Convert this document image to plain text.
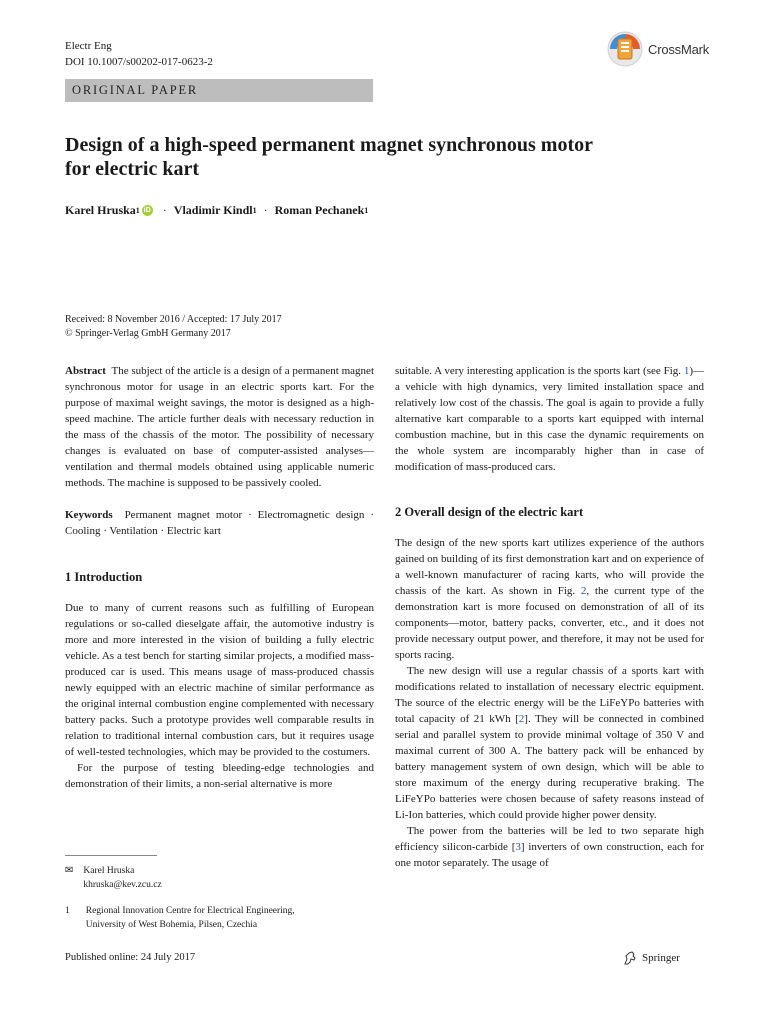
Electr Eng
DOI 10.1007/s00202-017-0623-2
CrossMark
ORIGINAL PAPER
Design of a high-speed permanent magnet synchronous motor
for electric kart
Karel Hruska 1 iD · Vladimir Kindl 1 · Roman Pechanek 1
Received: 8 November 2016 / Accepted: 17 July 2017
© Springer-Verlag GmbH Germany 2017

Abstract The subject of the article is a design of a permanent magnet synchronous motor for usage in an electric sports kart. For the purpose of maximal weight savings, the motor is designed as a high-speed machine. The article further deals with necessary reduction in the mass of the chassis of the motor. The possibility of necessary changes is evaluated on base of computer-assisted analyses—ventilation and thermal models obtained using applicable numeric methods. The machine is supposed to be passively cooled.

Keywords Permanent magnet motor · Electromagnetic design · Cooling · Ventilation · Electric kart

1 Introduction

Due to many of current reasons such as fulfilling of European regulations or so-called dieselgate affair, the automotive industry is more and more interested in the vision of building a fully electric vehicle. As a test bench for starting similar projects, a modified mass-produced car is used. This means usage of mass-produced chassis newly equipped with an electric machine of similar performance as the original internal combustion engine complemented with necessary battery packs. Such a prototype provides well comparable results in relation to traditional internal combustion cars, but it requires usage of well-tested technologies, which may be provided to the costumers.

For the purpose of testing bleeding-edge technologies and demonstration of their limits, a non-serial alternative is more

suitable. A very interesting application is the sports kart (see Fig. 1)—a vehicle with high dynamics, very limited installation space and relatively low cost of the chassis. The goal is again to provide a fully alternative kart comparable to a sports kart equipped with internal combustion machine, but in this case the dynamic requirements on the whole system are incomparably higher than in case of modification of mass-produced cars.

2 Overall design of the electric kart

The design of the new sports kart utilizes experience of the authors gained on building of its first demonstration kart and on experience of a well-known manufacturer of racing karts, who will provide the chassis of the kart. As shown in Fig. 2, the current type of the demonstration kart is more focused on demonstration of all of its components—motor, battery packs, converter, etc., and it does not provide necessary output power, and therefore, it may not be used for sports racing.

The new design will use a regular chassis of a sports kart with modifications related to installation of necessary electric equipment. The source of the electric energy will be the LiFeYPo batteries with total capacity of 21 kWh [2]. They will be connected in combined serial and parallel system to provide minimal voltage of 350 V and maximal current of 300 A. The battery pack will be enhanced by battery management system of own design, which will be able to store maximum of the energy during recuperative braking. The LiFeYPo batteries were chosen because of safety reasons instead of Li-Ion batteries, which could provide higher power density.

The power from the batteries will be led to two separate high efficiency silicon-carbide [3] inverters of own construction, each for one motor separately. The usage of

✉ Karel Hruska
khruska@kev.zcu.cz
1 Regional Innovation Centre for Electrical Engineering,
University of West Bohemia, Pilsen, Czechia
Published online: 24 July 2017	Springer
